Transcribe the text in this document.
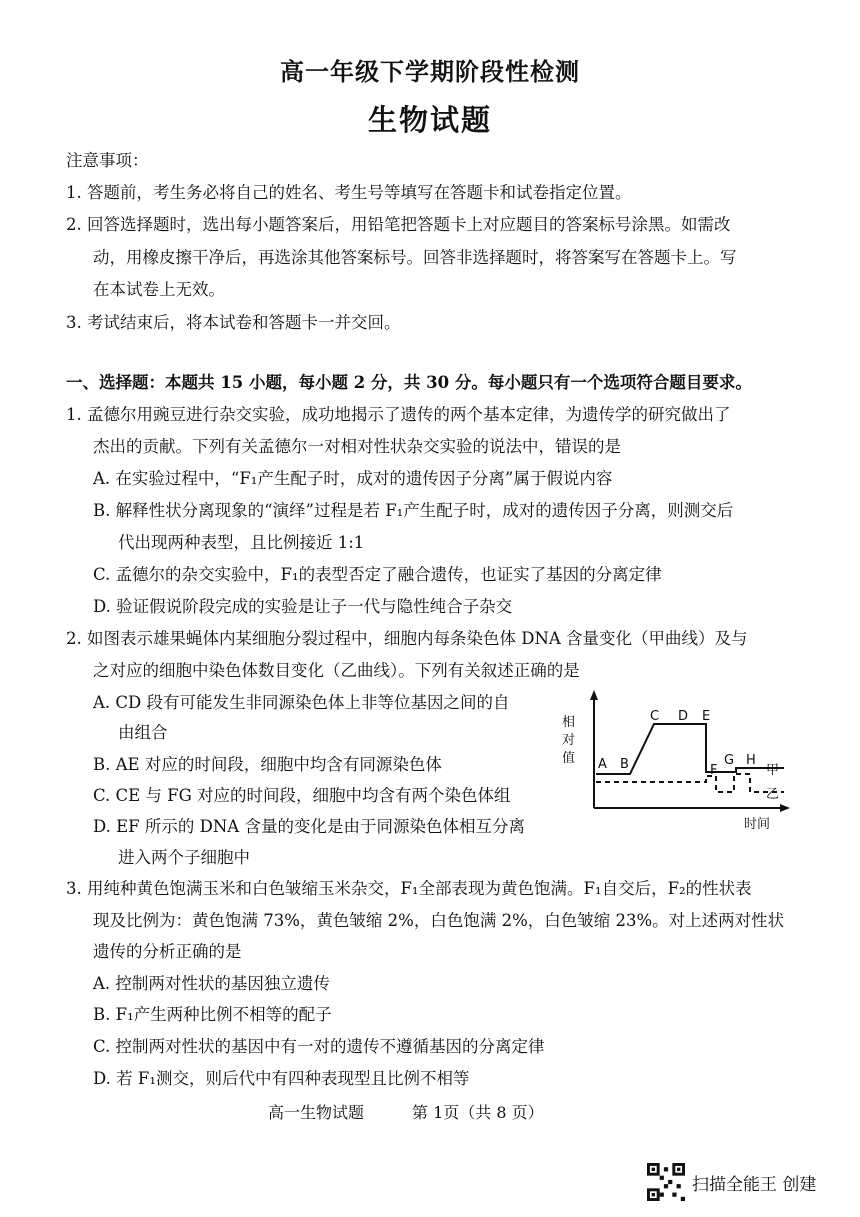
高一年级下学期阶段性检测
生物试题
注意事项：
1. 答题前，考生务必将自己的姓名、考生号等填写在答题卡和试卷指定位置。
2. 回答选择题时，选出每小题答案后，用铅笔把答题卡上对应题目的答案标号涂黑。如需改
动，用橡皮擦干净后，再选涂其他答案标号。回答非选择题时，将答案写在答题卡上。写
在本试卷上无效。
3. 考试结束后，将本试卷和答题卡一并交回。
一、选择题：本题共 15 小题，每小题 2 分，共 30 分。每小题只有一个选项符合题目要求。
1. 孟德尔用豌豆进行杂交实验，成功地揭示了遗传的两个基本定律，为遗传学的研究做出了
杰出的贡献。下列有关孟德尔一对相对性状杂交实验的说法中，错误的是
A. 在实验过程中，“F₁产生配子时，成对的遗传因子分离”属于假说内容
B. 解释性状分离现象的“演绎”过程是若 F₁产生配子时，成对的遗传因子分离，则测交后
代出现两种表型，且比例接近 1:1
C. 孟德尔的杂交实验中，F₁的表型否定了融合遗传，也证实了基因的分离定律
D. 验证假说阶段完成的实验是让子一代与隐性纯合子杂交
2. 如图表示雄果蝇体内某细胞分裂过程中，细胞内每条染色体 DNA 含量变化（甲曲线）及与
之对应的细胞中染色体数目变化（乙曲线）。下列有关叙述正确的是
A. CD 段有可能发生非同源染色体上非等位基因之间的自
由组合
B. AE 对应的时间段，细胞中均含有同源染色体
C. CE 与 FG 对应的时间段，细胞中均含有两个染色体组
D. EF 所示的 DNA 含量的变化是由于同源染色体相互分离
进入两个子细胞中
相
对
值
时间
A B
C D E
F
G H
甲
乙
3. 用纯种黄色饱满玉米和白色皱缩玉米杂交，F₁全部表现为黄色饱满。F₁自交后，F₂的性状表
现及比例为：黄色饱满 73%，黄色皱缩 2%，白色饱满 2%，白色皱缩 23%。对上述两对性状
遗传的分析正确的是
A. 控制两对性状的基因独立遗传
B. F₁产生两种比例不相等的配子
C. 控制两对性状的基因中有一对的遗传不遵循基因的分离定律
D. 若 F₁测交，则后代中有四种表现型且比例不相等
高一生物试题	第 1页（共 8 页）
扫描全能王 创建
